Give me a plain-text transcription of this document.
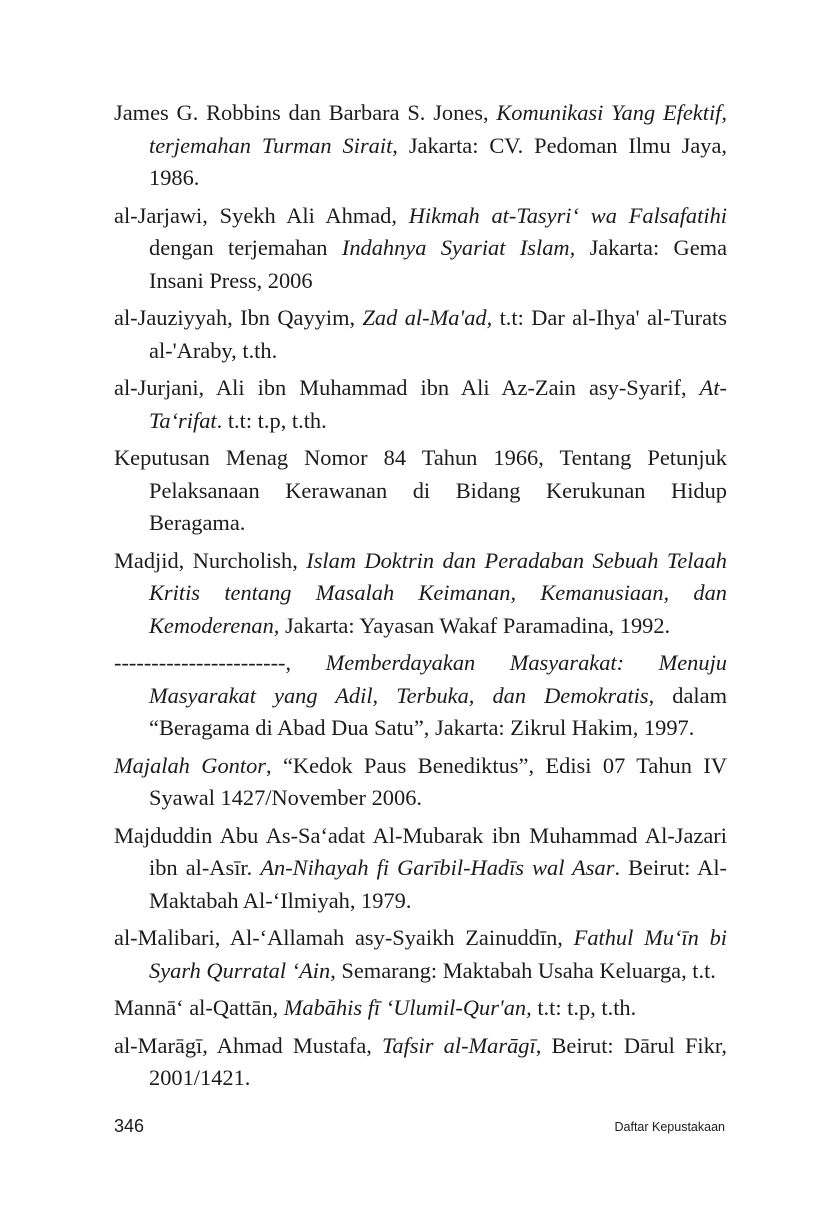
James G. Robbins dan Barbara S. Jones, Komunikasi Yang Efektif, terjemahan Turman Sirait, Jakarta: CV. Pedoman Ilmu Jaya, 1986.

al-Jarjawi, Syekh Ali Ahmad, Hikmah at-Tasyri‘ wa Falsafatihi dengan terjemahan Indahnya Syariat Islam, Jakarta: Gema Insani Press, 2006

al-Jauziyyah, Ibn Qayyim, Zad al-Ma'ad, t.t: Dar al-Ihya' al-Turats al-'Araby, t.th.

al-Jurjani, Ali ibn Muhammad ibn Ali Az-Zain asy-Syarif, At-Ta‘rifat. t.t: t.p, t.th.

Keputusan Menag Nomor 84 Tahun 1966, Tentang Petunjuk Pelaksanaan Kerawanan di Bidang Kerukunan Hidup Beragama.

Madjid, Nurcholish, Islam Doktrin dan Peradaban Sebuah Telaah Kritis tentang Masalah Keimanan, Kemanusiaan, dan Kemoderenan, Jakarta: Yayasan Wakaf Paramadina, 1992.

-----------------------, Memberdayakan Masyarakat: Menuju Masyarakat yang Adil, Terbuka, dan Demokratis, dalam “Beragama di Abad Dua Satu”, Jakarta: Zikrul Hakim, 1997.

Majalah Gontor, “Kedok Paus Benediktus”, Edisi 07 Tahun IV Syawal 1427/November 2006.

Majduddin Abu As-Sa‘adat Al-Mubarak ibn Muhammad Al-Jazari ibn al-Asīr. An-Nihayah fi Garībil-Hadīs wal Asar. Beirut: Al-Maktabah Al-‘Ilmiyah, 1979.

al-Malibari, Al-‘Allamah asy-Syaikh Zainuddīn, Fathul Mu‘īn bi Syarh Qurratal ‘Ain, Semarang: Maktabah Usaha Keluarga, t.t.

Mannā‘ al-Qattān, Mabāhis fī ‘Ulumil-Qur'an, t.t: t.p, t.th.

al-Marāgī, Ahmad Mustafa, Tafsir al-Marāgī, Beirut: Dārul Fikr, 2001/1421.

346	Daftar Kepustakaan
